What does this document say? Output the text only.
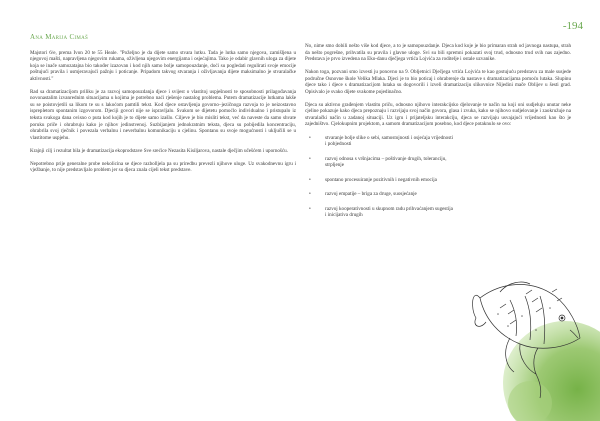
-194
Ana Marija Cimaš

Majstori 6/e, prema Ivon 20 te 55 Heale. "Poželjno je da dijete samo stvara lutku. Tada je lutka samo njegova, zamišljena u njegovoj mašti, napravljena njegovim rukama, oživljena njegovim energijama i osjećajima. Tako je odabir glavnih uloga za dijete koja se inače samozatajna bio također izazovan i kod njih samo bolje samopouzdanje, doći su pogledati regulirati svoje emocije poštujući pravila i usmjeravajući pažnju i poticanje. Pripadom takvog stvaranja i oživljavanja dijete maksimalno je stvaralačke aktivnosti."

Rad sa dramatizacijom priliku je za razvoj samopouzdanja djece i svijest o vlastitoj uspješnosti te sposobnosti prilagođavanja novonastalim izvanrednim situacijama u kojima je potrebno naći rješenje nastalog problema. Putem dramatizacije lutkama lakše su se poistovjetili sa likom te su s lakoćom pamtili tekst. Kod djece ostavljenja govorno–jezičnoga razvoja to je neizostavno isprepletom spontanim izgovorom. Djeciji govori nije se ispravljalo. Svakom se dijetetu pomoćlo individualno i pristupalo iz teksta svakoga dana ovisno o puta kod kojih je to dijete samo izašlo. Ciljeve je bio misliti tekst, već da naveste da samo shvate poruku priče i ohrabruju kako je njihov jedinstvenoj. Suzbijanjem jednokratnim teksta, djeca su pobijedila koncentraciju, ohrabrila svoj rječnik i povezala verbalnu i neverbalnu komunikaciju u cjelinu. Spontanu su svoje mogućnosti i uključili se u vlastitome uspjehu.

Krajnji cilj i rezultat bila je dramatizacija ekoprodstave Sve srećice Nezasita Kisiljarova, nastale dječjim učešćem i upornošću.

Nepotrebno prije generalne probe nekolicina se djece razbolljela pa su priredbu prevezli njihove uloge. Uz svakodnevnu igru i vježbanje, to nije predstavljalo problem jer su djeca znala cijeli tekst predstave.

No, nime smo dobili nešto više kod djece, a to je samopouzdanje. Djeca kod koje je bio primaran strah od javnoga nastupa, strah da nešto pogrešne, prihvatila su pravila i glavne uloge. Svi su bili spremni pokazati svoj trud, odnosno trud svih nas zajedno. Predstava je prvo izvedena na Eko-danu dječjega vrtića Lojvića za roditelje i ostale uzvanike.

Nakon toga, pozvani smo izvesti ju ponovno na 9. Obljetnici Dječjega vrtića Lojvića te kao gostujuću predstavu za male susjede područne Osnovne škole Velika Mlaka. Djeci je to bio poticaj i ohrabrenje da nastave s dramatizacijama pomoću lutaka. Slupinu djece tako i djece s dramatizacijom lutaka su dogovorili i izveli dramatizaciju slikovnice Nijedini mače Oblijev u šesti grad. Opisivalo je svako dijete svakome pojedinačno.

Djeca su aktivno građenjem vlastitu priču, odnosno njihovo interakcijsko djelovanje te način na koji oni sudjeluju unutar neke cjeline pokazuje kako djeca prepoznaju i razvijaju svoj način govora, glasa i zvuka, kako se njihovo sudjelovanje i zaokružuje na stvaralački način u zadanoj situaciji. Uz igru i prijateljsku interakciju, djeca se razvijaju usvajajući vrijednosti kao što je zajedništvo. Cjelokupnim projektom, a samom dramatizacijom posebno, kod djece potaknulo se ovo:

• stvaranje bolje slike o sebi, samostojnosti i osjećaja vrijednosti i pobjednosti
• razvoj odnosa s vršnjacima – poštivanje drugih, toleranciju, strpljenje
• spontano procesuiranje pozitivnih i negativnih emocija
• razvoj empatije – briga za druge, suosjećanje
• razvoj kooperativnosti u skupnom radu prihvaćanjem sugestija i inicijativa drugih
